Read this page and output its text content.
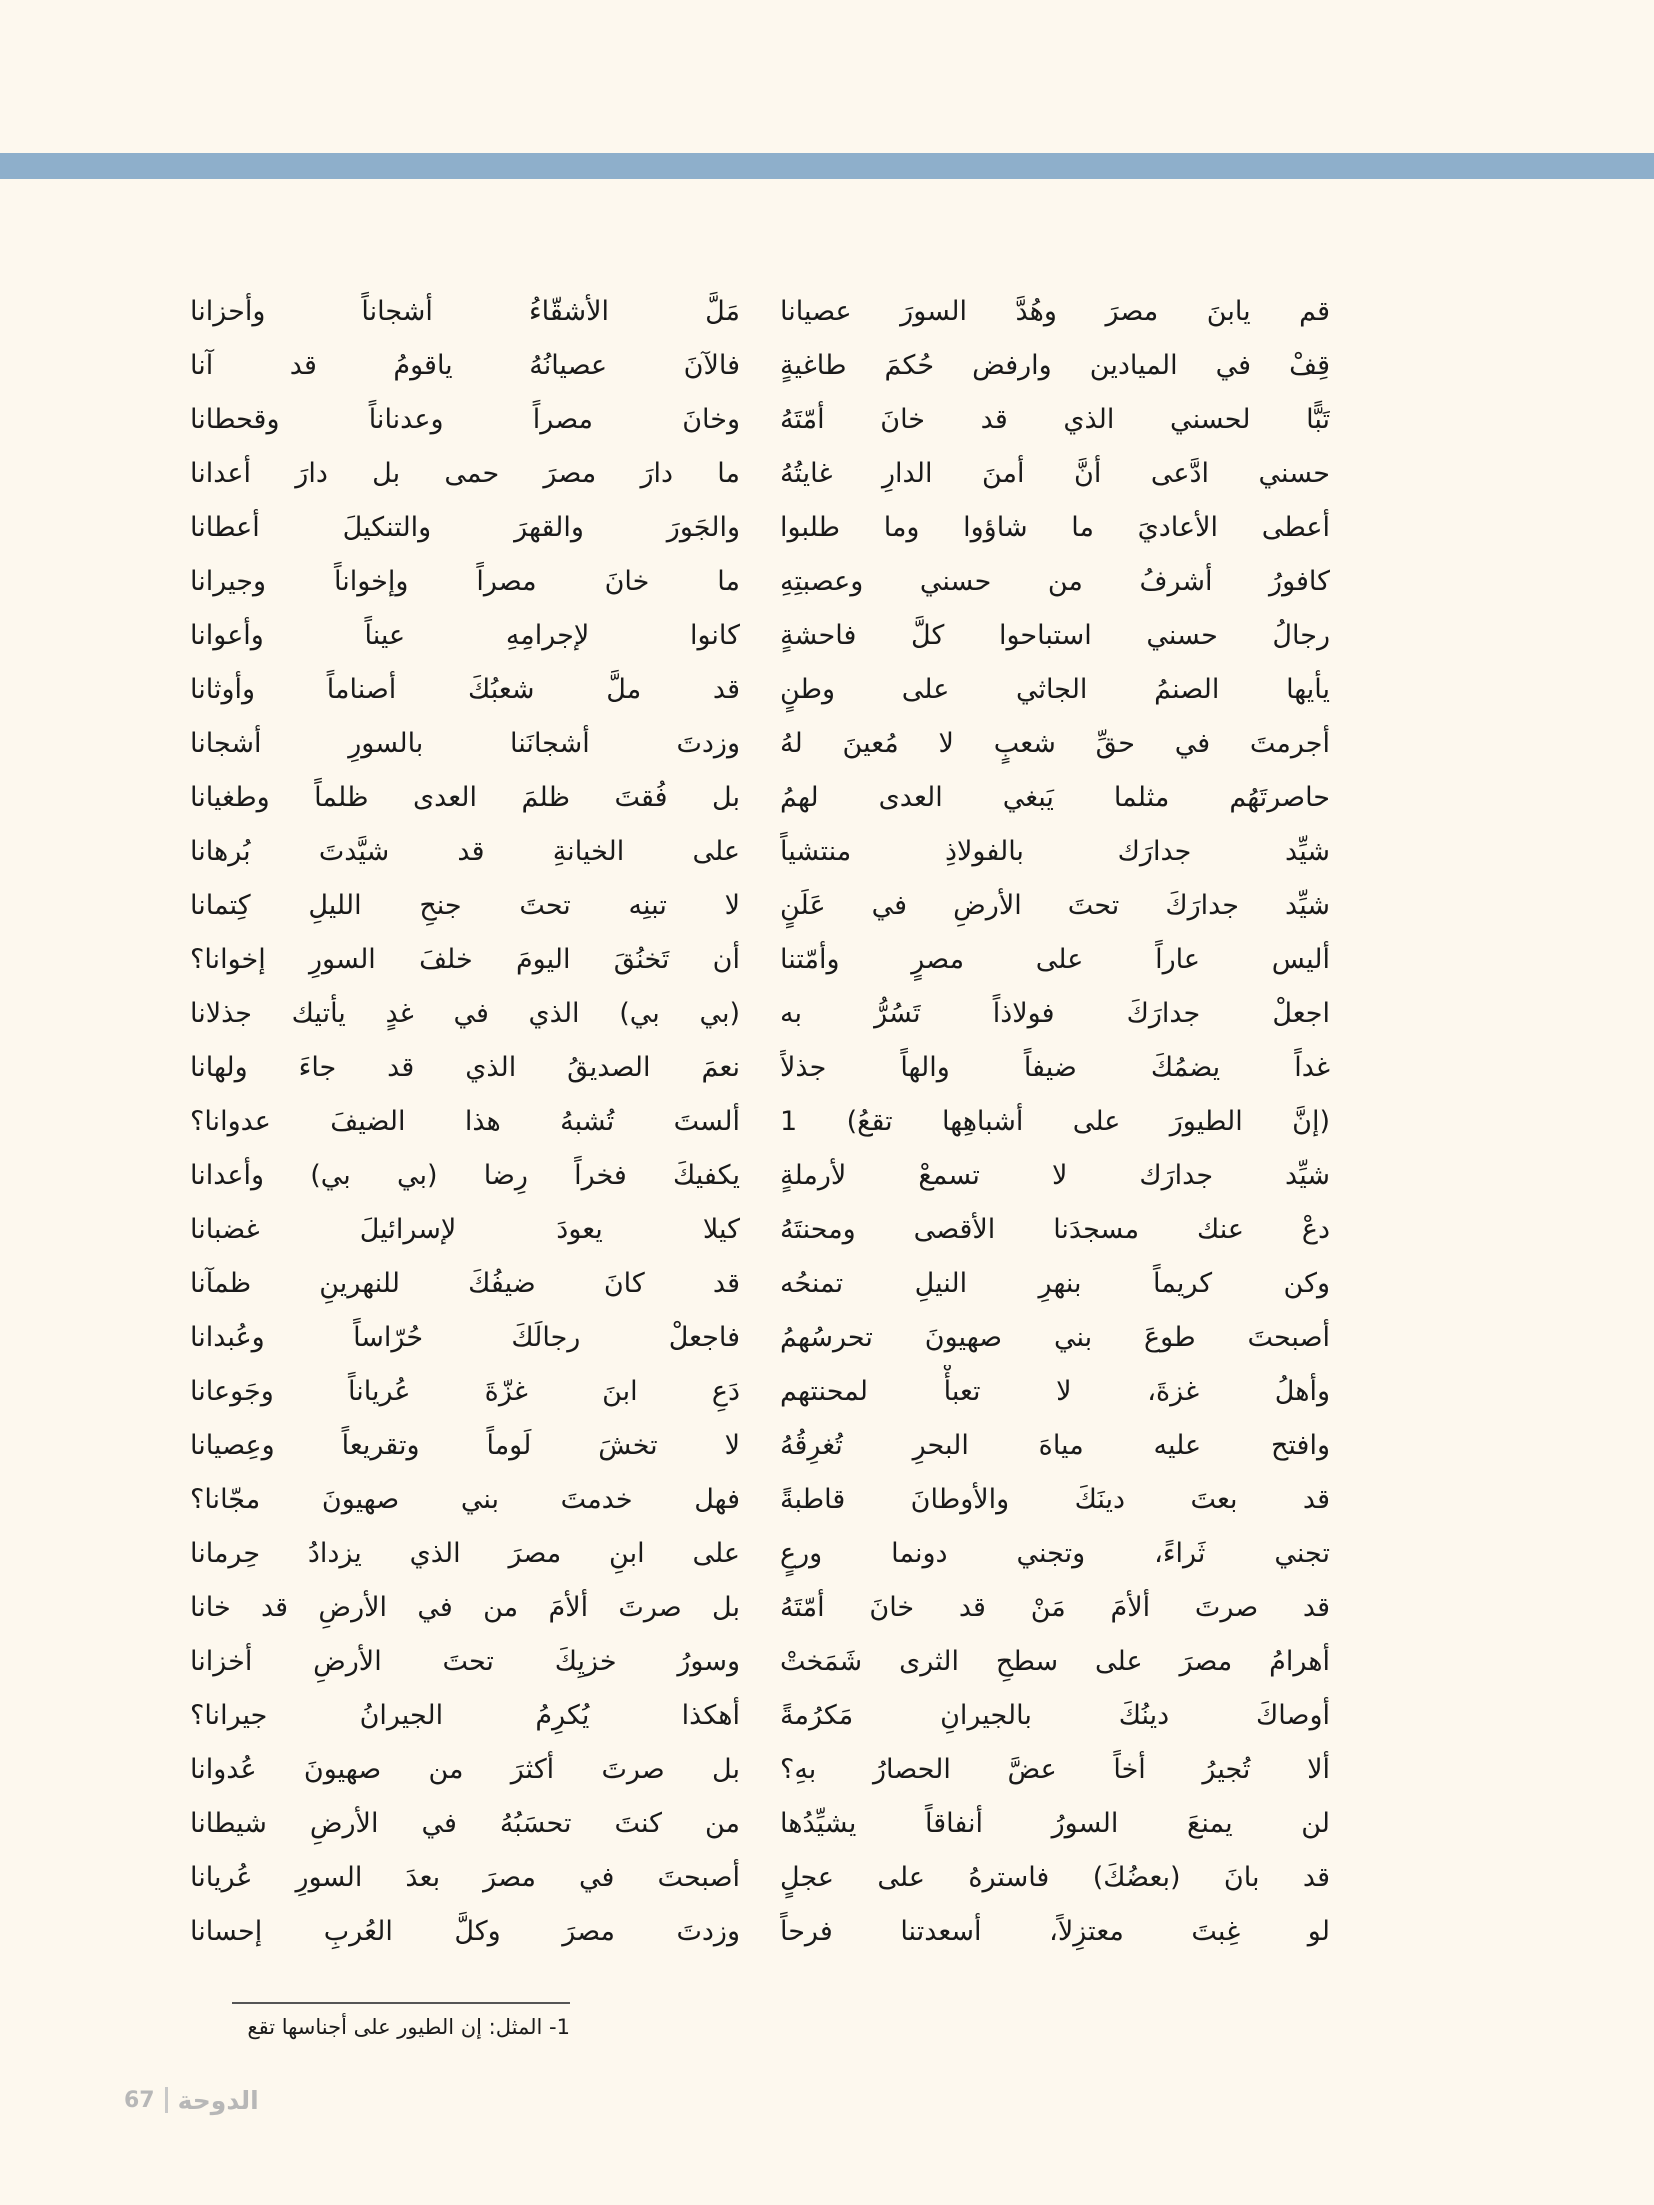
قم يابنَ مصرَ وهُدَّ السورَ عصيانا
قِفْ في الميادين وارفض حُكمَ طاغيةٍ
تَبًّا لحسني الذي قد خانَ أمّتَهُ
حسني ادَّعى أنَّ أمنَ الدارِ غايتُهُ
أعطى الأعاديَ ما شاؤوا وما طلبوا
كافورُ أشرفُ من حسني وعصبتِهِ
رجالُ حسني استباحوا كلَّ فاحشةٍ
يأيها الصنمُ الجاثي على وطنٍ
أجرمتَ في حقِّ شعبٍ لا مُعينَ لهُ
حاصرتَهُم مثلما يَبغي العدى لهمُ
شيِّد جدارَك بالفولاذِ منتشياً
شيِّد جدارَكَ تحتَ الأرضِ في عَلَنٍ
أليس عاراً على مصرٍ وأمّتنا
اجعلْ جدارَكَ فولاذاً تَسُرُّ به
غداً يضمُكَ ضيفاً والهاً جذلاً
(إنَّ الطيورَ على أشباهِها تقعُ) 1
شيِّد جدارَك لا تسمعْ لأرملةٍ
دعْ عنك مسجدَنا الأقصى ومحنتَهُ
وكن كريماً بنهرِ النيلِ تمنحُه
أصبحتَ طوعَ بني صهيونَ تحرسُهمُ
وأهلُ غزةَ، لا تعبأْ لمحنتهم
وافتح عليه مياهَ البحرِ تُغرِقُهُ
قد بعتَ دينَكَ والأوطانَ قاطبةً
تجني ثَراءً، وتجني دونما ورعٍ
قد صرتَ ألأمَ مَنْ قد خانَ أمّتَهُ
أهرامُ مصرَ على سطحِ الثرى شَمَختْ
أوصاكَ دينُكَ بالجيرانِ مَكرُمةً
ألا تُجيرُ أخاً عضَّ الحصارُ بهِ؟
لن يمنعَ السورُ أنفاقاً يشيِّدُها
قد بانَ (بعضُكَ) فاسترهُ على عجلٍ
لو غِبتَ معتزِلاً، أسعدتنا فرحاً
مَلَّ الأشقّاءُ أشجاناً وأحزانا
فالآنَ عصيانُهُ ياقومُ قد آنا
وخانَ مصراً وعدناناً وقحطانا
ما دارَ مصرَ حمى بل دارَ أعدانا
والجَورَ والقهرَ والتنكيلَ أعطانا
ما خانَ مصراً وإخواناً وجيرانا
كانوا لإجرامِهِ عيناً وأعوانا
قد ملَّ شعبُكَ أصناماً وأوثانا
وزدتَ أشجانَنا بالسورِ أشجانا
بل فُقتَ ظلمَ العدى ظلماً وطغيانا
على الخيانةِ قد شيَّدتَ بُرهانا
لا تبنِه تحتَ جنحِ الليلِ كِتمانا
أن تَخنُقَ اليومَ خلفَ السورِ إخوانا؟
(بي بي) الذي في غدٍ يأتيك جذلانا
نعمَ الصديقُ الذي قد جاءَ ولهانا
ألستَ تُشبهُ هذا الضيفَ عدوانا؟
يكفيكَ فخراً رِضا (بي بي) وأعدانا
كيلا يعودَ لإسرائيلَ غضبانا
قد كانَ ضيفُكَ للنهرينِ ظمآنا
فاجعلْ رجالَكَ حُرّاساً وعُبدانا
دَعِ ابنَ غزّةَ عُرياناً وجَوعانا
لا تخشَ لَوماً وتقريعاً وعِصيانا
فهل خدمتَ بني صهيونَ مجّانا؟
على ابنِ مصرَ الذي يزدادُ حِرمانا
بل صرتَ ألأمَ من في الأرضِ قد خانا
وسورُ خزيِكَ تحتَ الأرضِ أخزانا
أهكذا يُكرِمُ الجيرانُ جيرانا؟
بل صرتَ أكثرَ من صهيونَ عُدوانا
من كنتَ تحسَبُهُ في الأرضِ شيطانا
أصبحتَ في مصرَ بعدَ السورِ عُريانا
وزدتَ مصرَ وكلَّ العُربِ إحسانا
1- المثل: إن الطيور على أجناسها تقع
67 الدوحة
